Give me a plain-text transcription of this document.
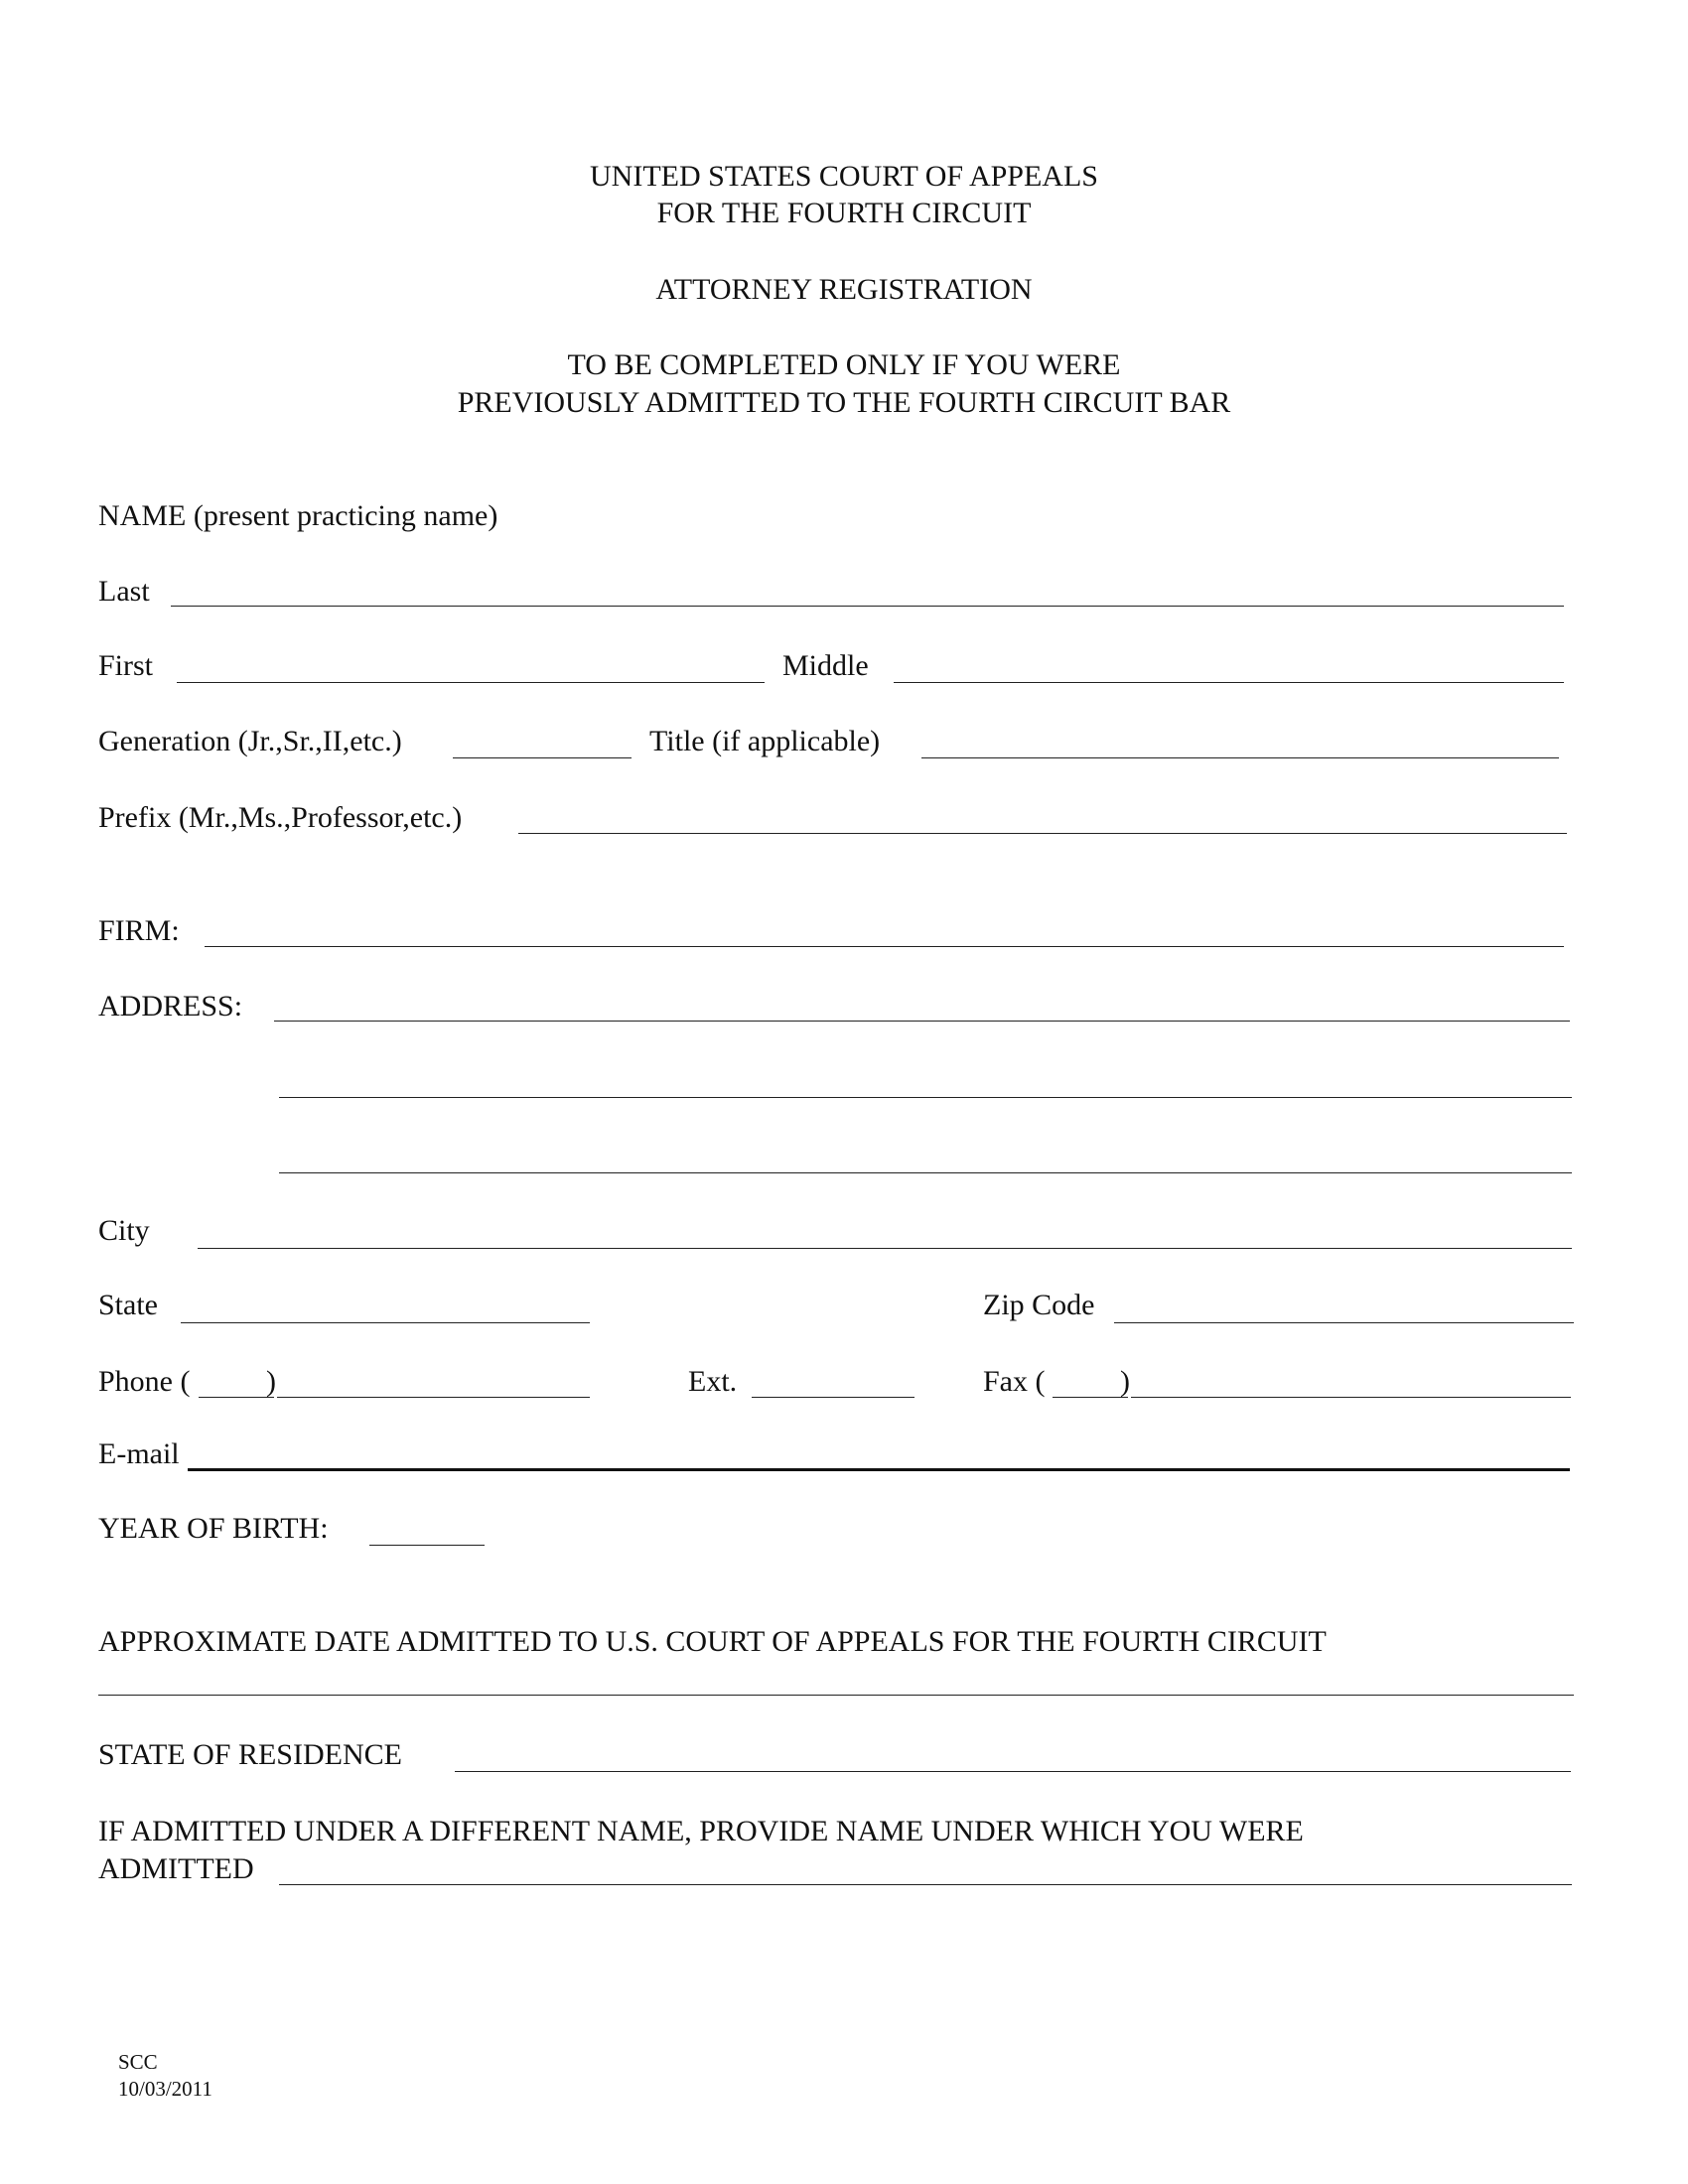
UNITED STATES COURT OF APPEALS
FOR THE FOURTH CIRCUIT
ATTORNEY REGISTRATION
TO BE COMPLETED ONLY IF YOU WERE
PREVIOUSLY ADMITTED TO THE FOURTH CIRCUIT BAR
NAME (present practicing name)
Last
First	Middle
Generation (Jr.,Sr.,II,etc.)	Title (if applicable)
Prefix (Mr.,Ms.,Professor,etc.)
FIRM:
ADDRESS:
City
State	Zip Code
Phone (	)	Ext.	Fax (	)
E-mail
YEAR OF BIRTH:
APPROXIMATE DATE ADMITTED TO U.S. COURT OF APPEALS FOR THE FOURTH CIRCUIT
STATE OF RESIDENCE
IF ADMITTED UNDER A DIFFERENT NAME, PROVIDE NAME UNDER WHICH YOU WERE
ADMITTED
SCC
10/03/2011
